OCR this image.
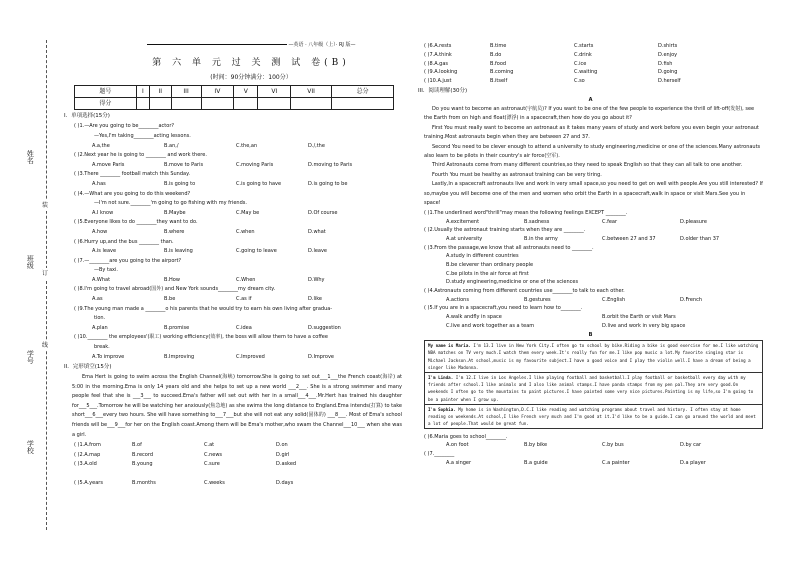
姓名
班级
学号
学校
装
订
线
—英语 · 八年级（上）· RJ 版—
第 六 单 元 过 关 测 试 卷(B)
(时间：90分钟满分：100分）
题号	I	II	III	IV	V	VI	VII	总分
得分								
I．单项选择(15分)
( )1.—Are you going to be________actor?
—Yes,I'm taking________acting lessons.
A.a,the	B.an,/	C.the,an	D./,the
( )2.Next year he is going to ________ and work there.
A.move Paris	B.move to Paris	C.moving Paris	D.moving to Paris
( )3.There ________ football match this Sunday.
A.has	B.is going to	C.is going to have	D.is going to be
( )4.—What are you going to do this weekend?
—I'm not sure.________'m going to go fishing with my friends.
A.I know	B.Maybe	C.May be	D.Of course
( )5.Everyone likes to do ________they want to do.
A.how	B.where	C.when	D.what
( )6.Hurry up,and the bus ________ than.
A.is leave	B.is leaving	C.going to leave	D.leave
( )7.—________are you going to the airport?
—By taxi.
A.What	B.How	C.When	D.Why
( )8.I'm going to travel abroad(国外) and New York sounds________my dream city.
A.as	B.be	C.as if	D.like
( )9.The young man made a ________o his parents that he would try to earn his own living after gradua-
tion.
A.plan	B.promise	C.idea	D.suggestion
( )10.________ the employees'(职工) working efficiency(效率), the boss will allow them to have a coffee
break.
A.To improve	B.Improving	C.Improved	D.Improve
II．完形填空(15分)
Ema Hert is going to swim across the English Channel(海峡) tomorrow.She is going to set out___1___the French coast(海岸) at 5:00 in the morning.Ema is only 14 years old and she helps to set up a new world ___2___. She is a strong swimmer and many people feel that she is ___3___ to succeed.Ema's father will set out with her in a small___4___.Mr.Hert has trained his daughter for___5___.Tomorrow he will be watching her anxiously(焦急地) as she swims the long distance to England.Ema intends(打算) to take short___6___every two hours. She will have something to___7___but she will not eat any solid(固体的) ___8___. Most of Ema's school friends will be___9___for her on the English coast.Among them will be Ema's mother,who swam the Channel___10___ when she was a girl.
( )1.A.from	B.of	C.at	D.on
( )2.A.map	B.record	C.news	D.girl
( )3.A.old	B.young	C.sure	D.asked
( )5.A.years	B.months	C.weeks	D.days
( )6.A.rests	B.time	C.starts	D.shirts
( )7.A.think	B.do	C.drink	D.enjoy
( )8.A.gas	B.food	C.ice	D.fish
( )9.A.looking	B.coming	C.waiting	D.going
( )10.A.just	B.itself	C.so	D.herself
III．阅读理解(30分)
A

Do you want to become an astronaut(宇航员)? If you want to be one of the few people to experience the thrill of lift-off(发射), see the Earth from on high and float(漂浮) in a spacecraft,then how do you go about it?

First You must really want to become an astronaut as it takes many years of study and work before you even begin your astronaut training.Most astronauts begin when they are between 27 and 37.

Second You need to be clever enough to attend a university to study engineering,medicine or one of the sciences.Many astronauts also learn to be pilots in their country's air force(空军).

Third Astronauts come from many different countries,so they need to speak English so that they can all talk to one another.

Fourth You must be healthy as astronaut training can be very tiring.

Lastly,In a spacecraft astronauts live and work in very small space,so you need to get on well with people.Are you still interested? If so,maybe you will become one of the men and women who orbit the Earth in a spacecraft,walk in space or visit Mars.See you in space!

( )1.The underlined word"thrill"may mean the following feelings EXCEPT ________.
A.excitement	B.sadness	C.fear	D.pleasure
( )2.Usually the astronaut training starts when they are ________.
A.at university	B.in the army	C.between 27 and 37	D.older than 37
( )3.From the passage,we know that all astronauts need to ________.
A.study in different countries
B.be cleverer than ordinary people
C.be pilots in the air force at first
D.study engineering,medicine or one of the sciences
( )4.Astronauts coming from different countries use________to talk to each other.
A.actions	B.gestures	C.English	D.French
( )5.If you are in a spacecraft,you need to learn how to________.
A.walk andfly in space	B.orbit the Earth or visit Mars
C.live and work together as a team	D.live and work in very big space
B
My name is Maria. I'm 13.I live in New York City.I often go to school by bike.Riding a bike is good exercise for me.I like watching NBA matches on TV very much.I watch them every week.It's really fun for me.I like pop music a lot.My favorite singing star is Michael Jackson.At school,music is my favourite subject.I have a good voice and I play the violin well.I have a dream of being a singer like Madonna.
I'm Linda. I'm 12.I live in Los Angeles.I like playing football and basketball.I play football or basketball every day with my friends after school.I like animals and I also like animal stamps.I have panda stamps from my pen pal.They are very good.On weekends I often go to the mountains to paint pictures.I have painted some very nice pictures.Painting is my life,so I'm going to be a painter when I grow up.
I'm Sophia. My home is in Washington,D.C.I like reading and watching programs about travel and history. I often stay at home reading on weekends.At school,I like French very much and I'm good at it.I'd like to be a guide.I can go around the world and meet a lot of people.That would be great fun.
( )6.Maria goes to school________.
A.on foot	B.by bike	C.by bus	D.by car
( )7.________
A.a singer	B.a guide	C.a painter	D.a player
